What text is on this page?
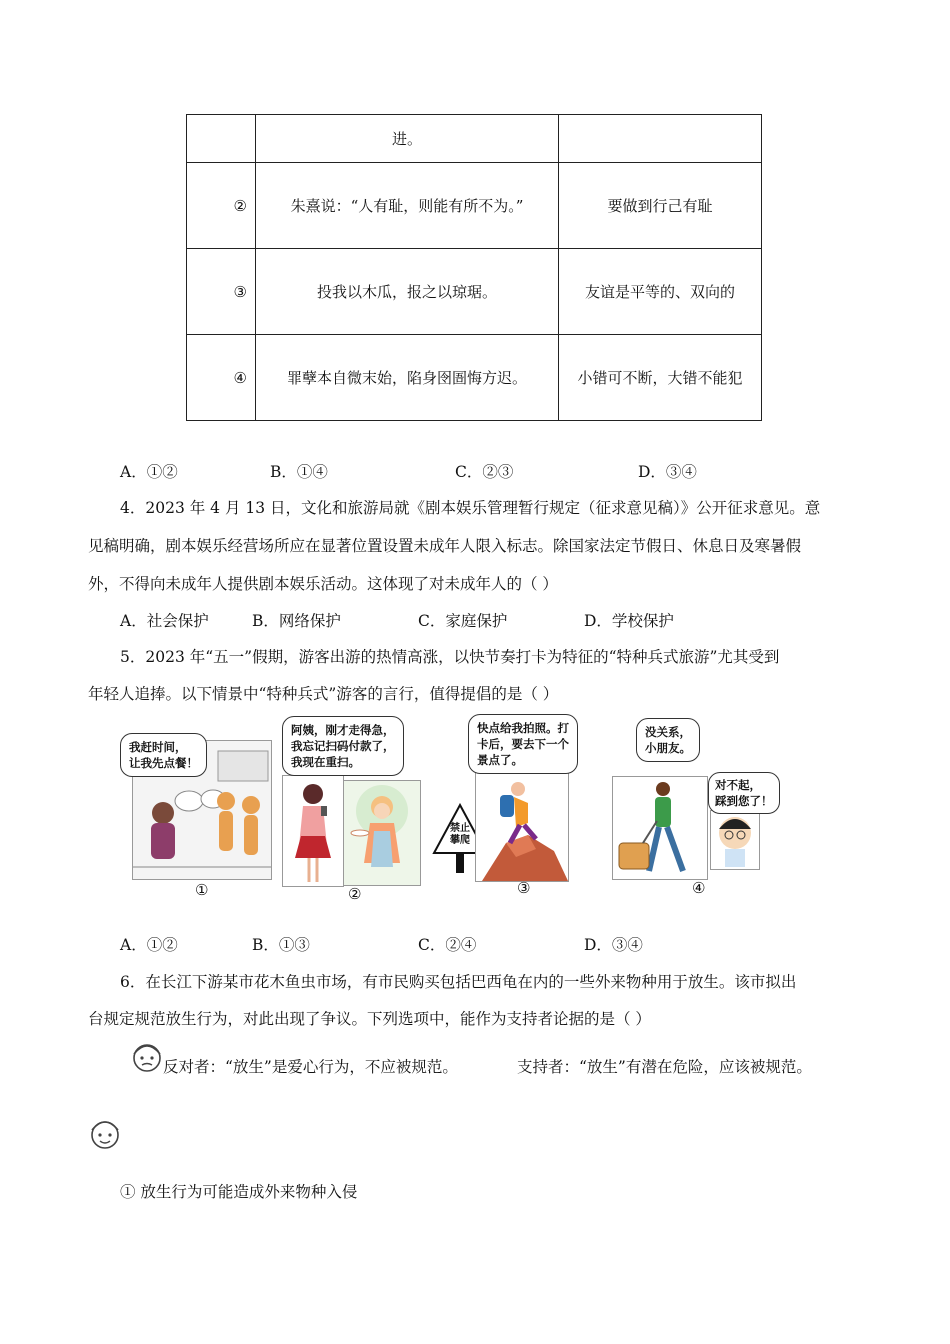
	进。	

②	朱熹说：“人有耻，则能有所不为。”	要做到行己有耻

③	投我以木瓜，报之以琼琚。	友谊是平等的、双向的

④	罪孽本自微末始，陷身囹圄悔方迟。	小错可不断，大错不能犯
A．①②	B．①④	C．②③	D．③④
4．2023 年 4 月 13 日，文化和旅游局就《剧本娱乐管理暂行规定（征求意见稿）》公开征求意见。意
见稿明确，剧本娱乐经营场所应在显著位置设置未成年人限入标志。除国家法定节假日、休息日及寒暑假
外，不得向未成年人提供剧本娱乐活动。这体现了对未成年人的（ ）
A．社会保护	B．网络保护	C．家庭保护	D．学校保护
5．2023 年“五一”假期，游客出游的热情高涨，以快节奏打卡为特征的“特种兵式旅游”尤其受到
年轻人追捧。以下情景中“特种兵式”游客的言行，值得提倡的是（ ）
我赶时间，
让我先点餐！
①
阿姨，刚才走得急，
我忘记扫码付款了，
我现在重扫。
②
禁止
攀爬
快点给我拍照。打
卡后，要去下一个
景点了。
③
没关系，
小朋友。
对不起，
踩到您了！
④
A．①②	B．①③	C．②④	D．③④
6．在长江下游某市花木鱼虫市场，有市民购买包括巴西龟在内的一些外来物种用于放生。该市拟出
台规定规范放生行为，对此出现了争议。下列选项中，能作为支持者论据的是（ ）
反对者：“放生”是爱心行为，不应被规范。	支持者：“放生”有潜在危险，应该被规范。
① 放生行为可能造成外来物种入侵
